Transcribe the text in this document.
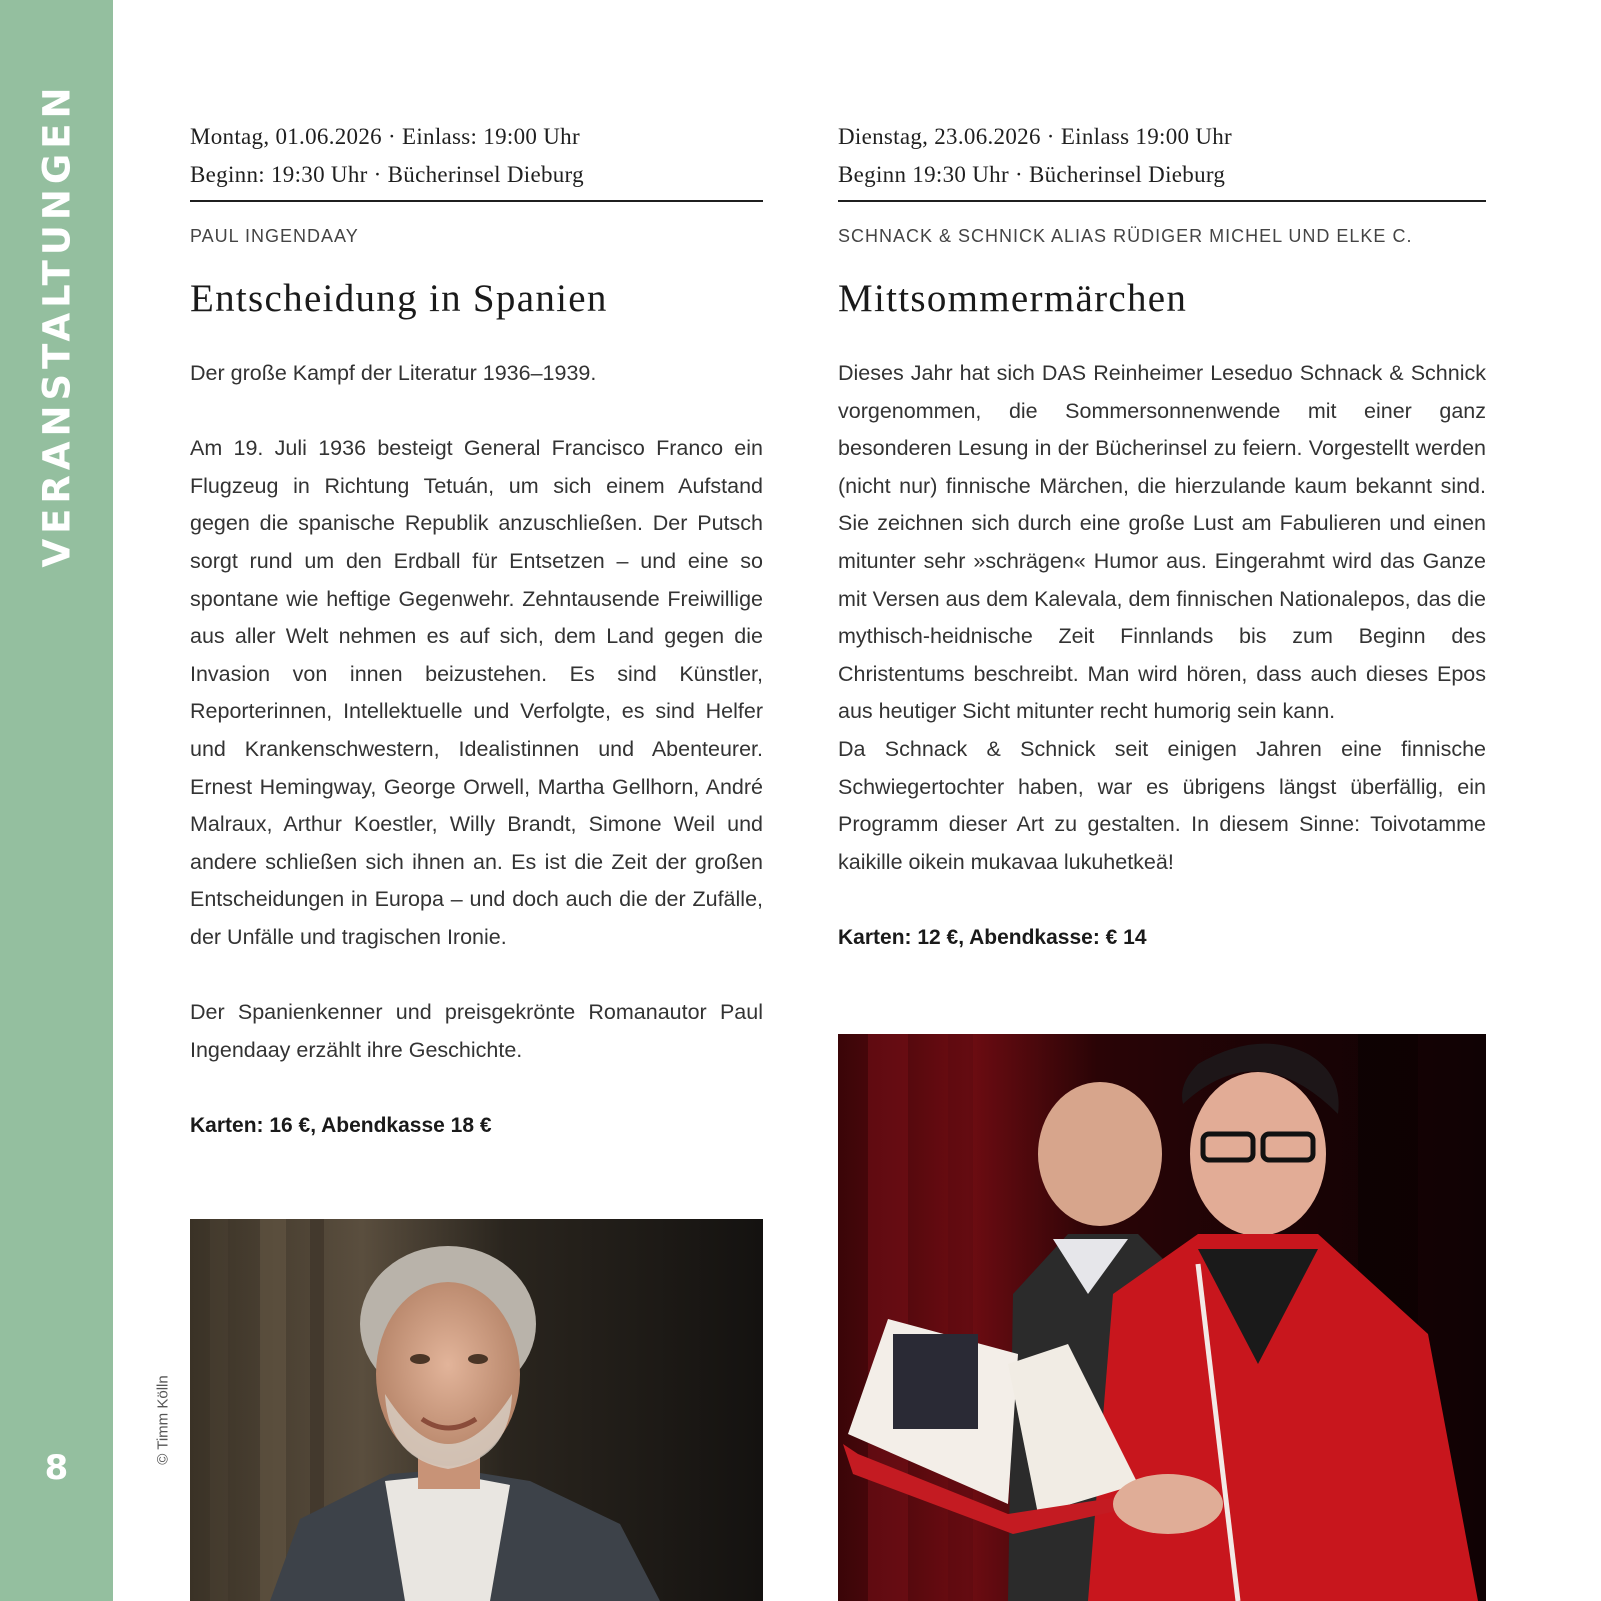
VERANSTALTUNGEN
8
© Timm Kölln
Montag, 01.06.2026 · Einlass: 19:00 Uhr
Beginn: 19:30 Uhr · Bücherinsel Dieburg
PAUL INGENDAAY
Entscheidung in Spanien

Der große Kampf der Literatur 1936–1939.

Am 19. Juli 1936 besteigt General Francisco Franco ein Flugzeug in Richtung Tetuán, um sich einem Aufstand gegen die spanische Republik anzuschließen. Der Putsch sorgt rund um den Erdball für Entsetzen – und eine so spontane wie heftige Gegenwehr. Zehntausende Freiwillige aus aller Welt nehmen es auf sich, dem Land gegen die Invasion von innen beizustehen. Es sind Künstler, Reporterinnen, Intellektuelle und Verfolgte, es sind Helfer und Krankenschwestern, Idealistinnen und Abenteurer. Ernest Hemingway, George Orwell, Martha Gellhorn, André Malraux, Arthur Koestler, Willy Brandt, Simone Weil und andere schließen sich ihnen an. Es ist die Zeit der großen Entscheidungen in Europa – und doch auch die der Zufälle, der Unfälle und tragischen Ironie.

Der Spanienkenner und preisgekrönte Romanautor Paul Ingendaay erzählt ihre Geschichte.

Karten: 16 €, Abendkasse 18 €
Dienstag, 23.06.2026 · Einlass 19:00 Uhr
Beginn 19:30 Uhr · Bücherinsel Dieburg
SCHNACK & SCHNICK ALIAS RÜDIGER MICHEL UND ELKE C.
Mittsommermärchen

Dieses Jahr hat sich DAS Reinheimer Leseduo Schnack & Schnick vorgenommen, die Sommersonnenwende mit einer ganz besonderen Lesung in der Bücherinsel zu feiern. Vorgestellt werden (nicht nur) finnische Märchen, die hierzulande kaum bekannt sind. Sie zeichnen sich durch eine große Lust am Fabulieren und einen mitunter sehr »schrägen« Humor aus. Eingerahmt wird das Ganze mit Versen aus dem Kalevala, dem finnischen Nationalepos, das die mythisch-heidnische Zeit Finnlands bis zum Beginn des Christentums beschreibt. Man wird hören, dass auch dieses Epos aus heutiger Sicht mitunter recht humorig sein kann.

Da Schnack & Schnick seit einigen Jahren eine finnische Schwiegertochter haben, war es übrigens längst überfällig, ein Programm dieser Art zu gestalten. In diesem Sinne: Toivotamme kaikille oikein mukavaa lukuhetkeä!

Karten: 12 €, Abendkasse: € 14
